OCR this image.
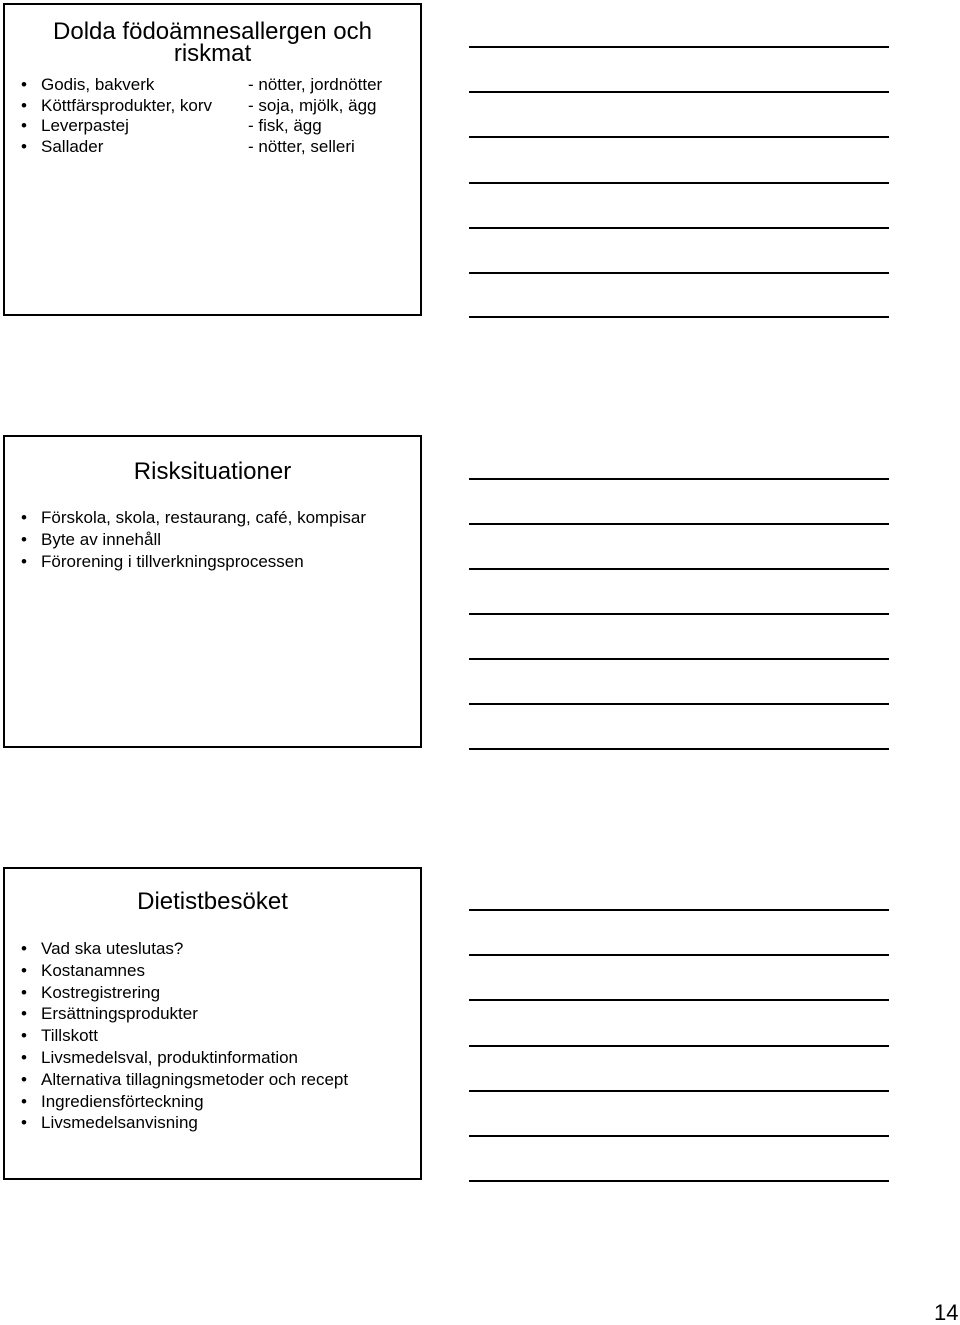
Dolda födoämnesallergen och
riskmat
• Godis, bakverk	- nötter, jordnötter
• Köttfärsprodukter, korv - soja, mjölk, ägg
• Leverpastej	- fisk, ägg
• Sallader	- nötter, selleri
Risksituationer
• Förskola, skola, restaurang, café, kompisar
• Byte av innehåll
• Förorening i tillverkningsprocessen
Dietistbesöket
• Vad ska uteslutas?
• Kostanamnes
• Kostregistrering
• Ersättningsprodukter
• Tillskott
• Livsmedelsval, produktinformation
• Alternativa tillagningsmetoder och recept
• Ingrediensförteckning
• Livsmedelsanvisning
14
